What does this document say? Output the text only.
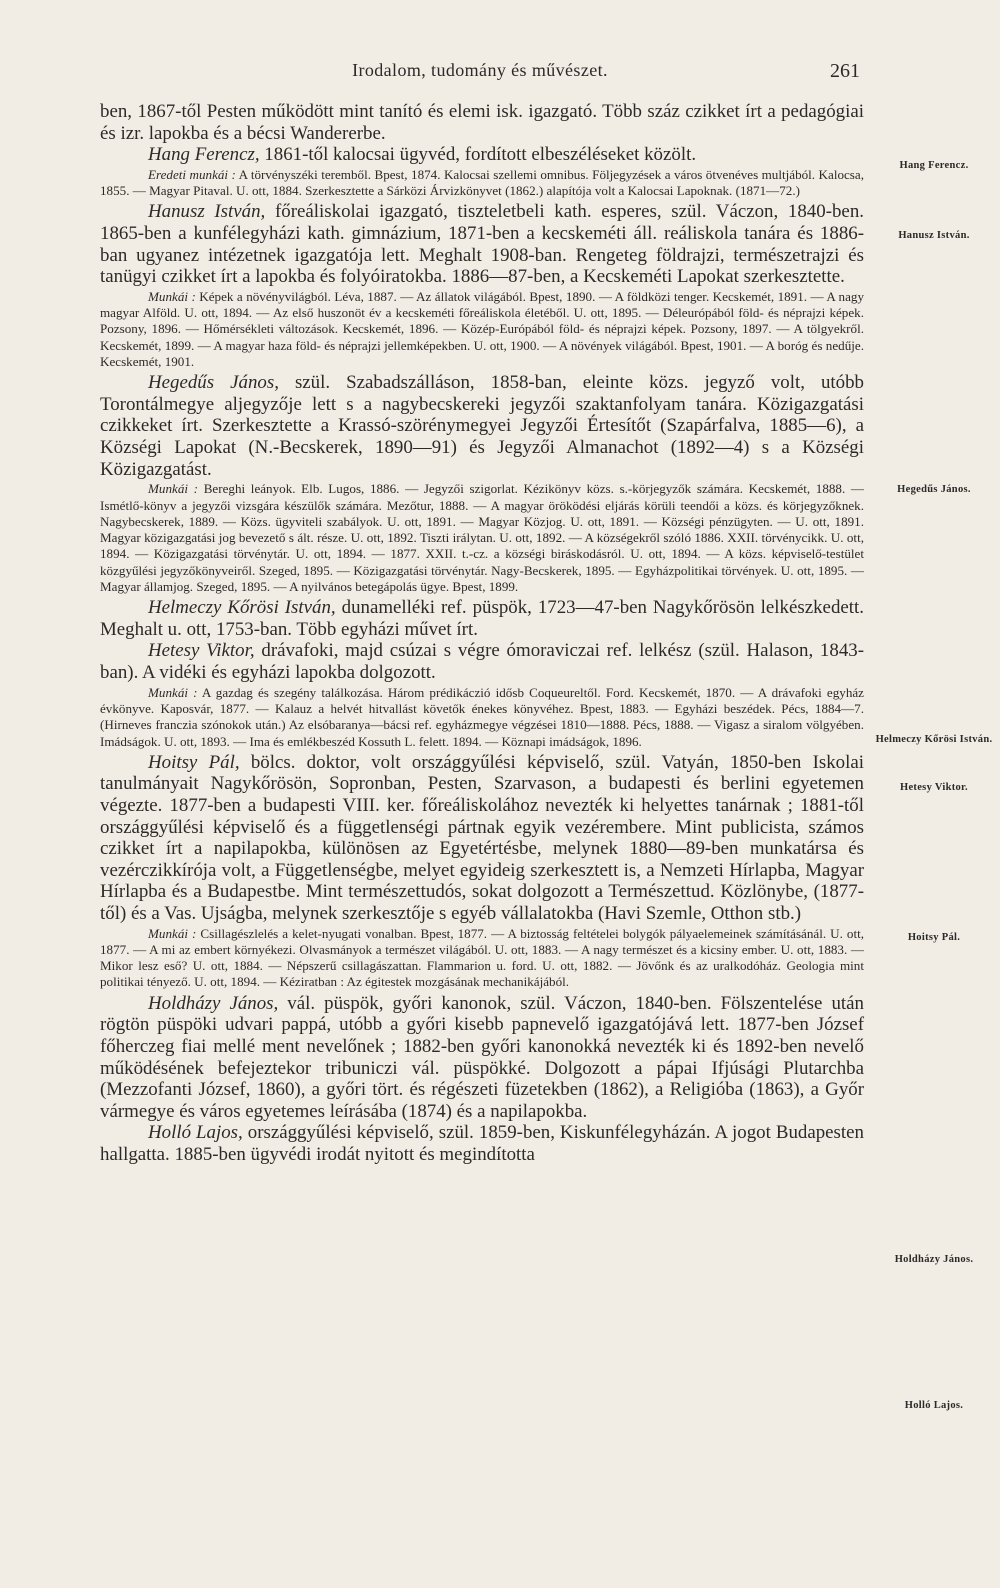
Irodalom, tudomány és művészet.	261

ben, 1867-től Pesten működött mint tanító és elemi isk. igazgató. Több száz czikket írt a pedagógiai és izr. lapokba és a bécsi Wandererbe.

Hang Ferencz, 1861-től kalocsai ügyvéd, fordított elbeszéléseket közölt.

Eredeti munkái : A törvényszéki teremből. Bpest, 1874. Kalocsai szellemi omnibus. Följegyzések a város ötvenéves multjából. Kalocsa, 1855. — Magyar Pitaval. U. ott, 1884. Szerkesztette a Sárközi Árvizkönyvet (1862.) alapítója volt a Kalocsai Lapoknak. (1871—72.)

Hanusz István, főreáliskolai igazgató, tiszteletbeli kath. esperes, szül. Váczon, 1840-ben. 1865-ben a kunfélegyházi kath. gimnázium, 1871-ben a kecskeméti áll. reáliskola tanára és 1886-ban ugyanez intézetnek igazgatója lett. Meghalt 1908-ban. Rengeteg földrajzi, természetrajzi és tanügyi czikket írt a lapokba és folyóiratokba. 1886—87-ben, a Kecskeméti Lapokat szerkesztette.

Munkái : Képek a növényvilágból. Léva, 1887. — Az állatok világából. Bpest, 1890. — A földközi tenger. Kecskemét, 1891. — A nagy magyar Alföld. U. ott, 1894. — Az első huszonöt év a kecskeméti főreáliskola életéből. U. ott, 1895. — Déleurópából föld- és néprajzi képek. Pozsony, 1896. — Hőmérsékleti változások. Kecskemét, 1896. — Közép-Európából föld- és néprajzi képek. Pozsony, 1897. — A tölgyekről. Kecskemét, 1899. — A magyar haza föld- és néprajzi jellemképekben. U. ott, 1900. — A növények világából. Bpest, 1901. — A boróg és nedűje. Kecskemét, 1901.

Hegedűs János, szül. Szabadszálláson, 1858-ban, eleinte közs. jegyző volt, utóbb Torontálmegye aljegyzője lett s a nagybecskereki jegyzői szaktanfolyam tanára. Közigazgatási czikkeket írt. Szerkesztette a Krassó-szörénymegyei Jegyzői Értesítőt (Szapárfalva, 1885—6), a Községi Lapokat (N.-Becskerek, 1890—91) és Jegyzői Almanachot (1892—4) s a Községi Közigazgatást.

Munkái : Bereghi leányok. Elb. Lugos, 1886. — Jegyzői szigorlat. Kézikönyv közs. s.-körjegyzők számára. Kecskemét, 1888. — Ismétlő-könyv a jegyzői vizsgára készülők számára. Mezőtur, 1888. — A magyar öröködési eljárás körüli teendői a közs. és körjegyzőknek. Nagybecskerek, 1889. — Közs. ügyviteli szabályok. U. ott, 1891. — Magyar Közjog. U. ott, 1891. — Községi pénzügyten. — U. ott, 1891. Magyar közigazgatási jog bevezető s ált. része. U. ott, 1892. Tiszti irálytan. U. ott, 1892. — A községekről szóló 1886. XXII. törvénycikk. U. ott, 1894. — Közigazgatási törvénytár. U. ott, 1894. — 1877. XXII. t.-cz. a községi biráskodásról. U. ott, 1894. — A közs. képviselő-testület közgyűlési jegyzőkönyveiről. Szeged, 1895. — Közigazgatási törvénytár. Nagy-Becskerek, 1895. — Egyházpolitikai törvények. U. ott, 1895. — Magyar államjog. Szeged, 1895. — A nyilvános betegápolás ügye. Bpest, 1899.

Helmeczy Kőrösi István, dunamelléki ref. püspök, 1723—47-ben Nagykőrösön lelkészkedett. Meghalt u. ott, 1753-ban. Több egyházi művet írt.

Hetesy Viktor, drávafoki, majd csúzai s végre ómoraviczai ref. lelkész (szül. Halason, 1843-ban). A vidéki és egyházi lapokba dolgozott.

Munkái : A gazdag és szegény találkozása. Három prédikáczió idősb Coqueureltől. Ford. Kecskemét, 1870. — A drávafoki egyház évkönyve. Kaposvár, 1877. — Kalauz a helvét hitvallást követők énekes könyvéhez. Bpest, 1883. — Egyházi beszédek. Pécs, 1884—7. (Hirneves franczia szónokok után.) Az elsóbaranya—bácsi ref. egyházmegye végzései 1810—1888. Pécs, 1888. — Vigasz a siralom völgyében. Imádságok. U. ott, 1893. — Ima és emlékbeszéd Kossuth L. felett. 1894. — Köznapi imádságok, 1896.

Hoitsy Pál, bölcs. doktor, volt országgyűlési képviselő, szül. Vatyán, 1850-ben Iskolai tanulmányait Nagykőrösön, Sopronban, Pesten, Szarvason, a budapesti és berlini egyetemen végezte. 1877-ben a budapesti VIII. ker. főreáliskolához nevezték ki helyettes tanárnak ; 1881-től országgyűlési képviselő és a függetlenségi pártnak egyik vezérembere. Mint publicista, számos czikket írt a napilapokba, különösen az Egyetértésbe, melynek 1880—89-ben munkatársa és vezérczikkírója volt, a Függetlenségbe, melyet egyideig szerkesztett is, a Nemzeti Hírlapba, Magyar Hírlapba és a Budapestbe. Mint természettudós, sokat dolgozott a Természettud. Közlönybe, (1877-től) és a Vas. Ujságba, melynek szerkesztője s egyéb vállalatokba (Havi Szemle, Otthon stb.)

Munkái : Csillagészlelés a kelet-nyugati vonalban. Bpest, 1877. — A biztosság feltételei bolygók pályaelemeinek számításánál. U. ott, 1877. — A mi az embert környékezi. Olvasmányok a természet világából. U. ott, 1883. — A nagy természet és a kicsiny ember. U. ott, 1883. — Mikor lesz eső? U. ott, 1884. — Népszerű csillagászattan. Flammarion u. ford. U. ott, 1882. — Jövőnk és az uralkodóház. Geologia mint politikai tényező. U. ott, 1894. — Kéziratban : Az égitestek mozgásának mechanikájából.

Holdházy János, vál. püspök, győri kanonok, szül. Váczon, 1840-ben. Fölszentelése után rögtön püspöki udvari pappá, utóbb a győri kisebb papnevelő igazgatójává lett. 1877-ben József főherczeg fiai mellé ment nevelőnek ; 1882-ben győri kanonokká nevezték ki és 1892-ben nevelő működésének befejeztekor tribuniczi vál. püspökké. Dolgozott a pápai Ifjúsági Plutarchba (Mezzofanti József, 1860), a győri tört. és régészeti füzetekben (1862), a Religióba (1863), a Győr vármegye és város egyetemes leírásába (1874) és a napilapokba.

Holló Lajos, országgyűlési képviselő, szül. 1859-ben, Kiskunfélegyházán. A jogot Budapesten hallgatta. 1885-ben ügyvédi irodát nyitott és megindította

Hang Ferencz.
Hanusz István.
Hegedűs János.
Helmeczy Kőrösi István.
Hetesy Viktor.
Hoitsy Pál.
Holdházy János.
Holló Lajos.
